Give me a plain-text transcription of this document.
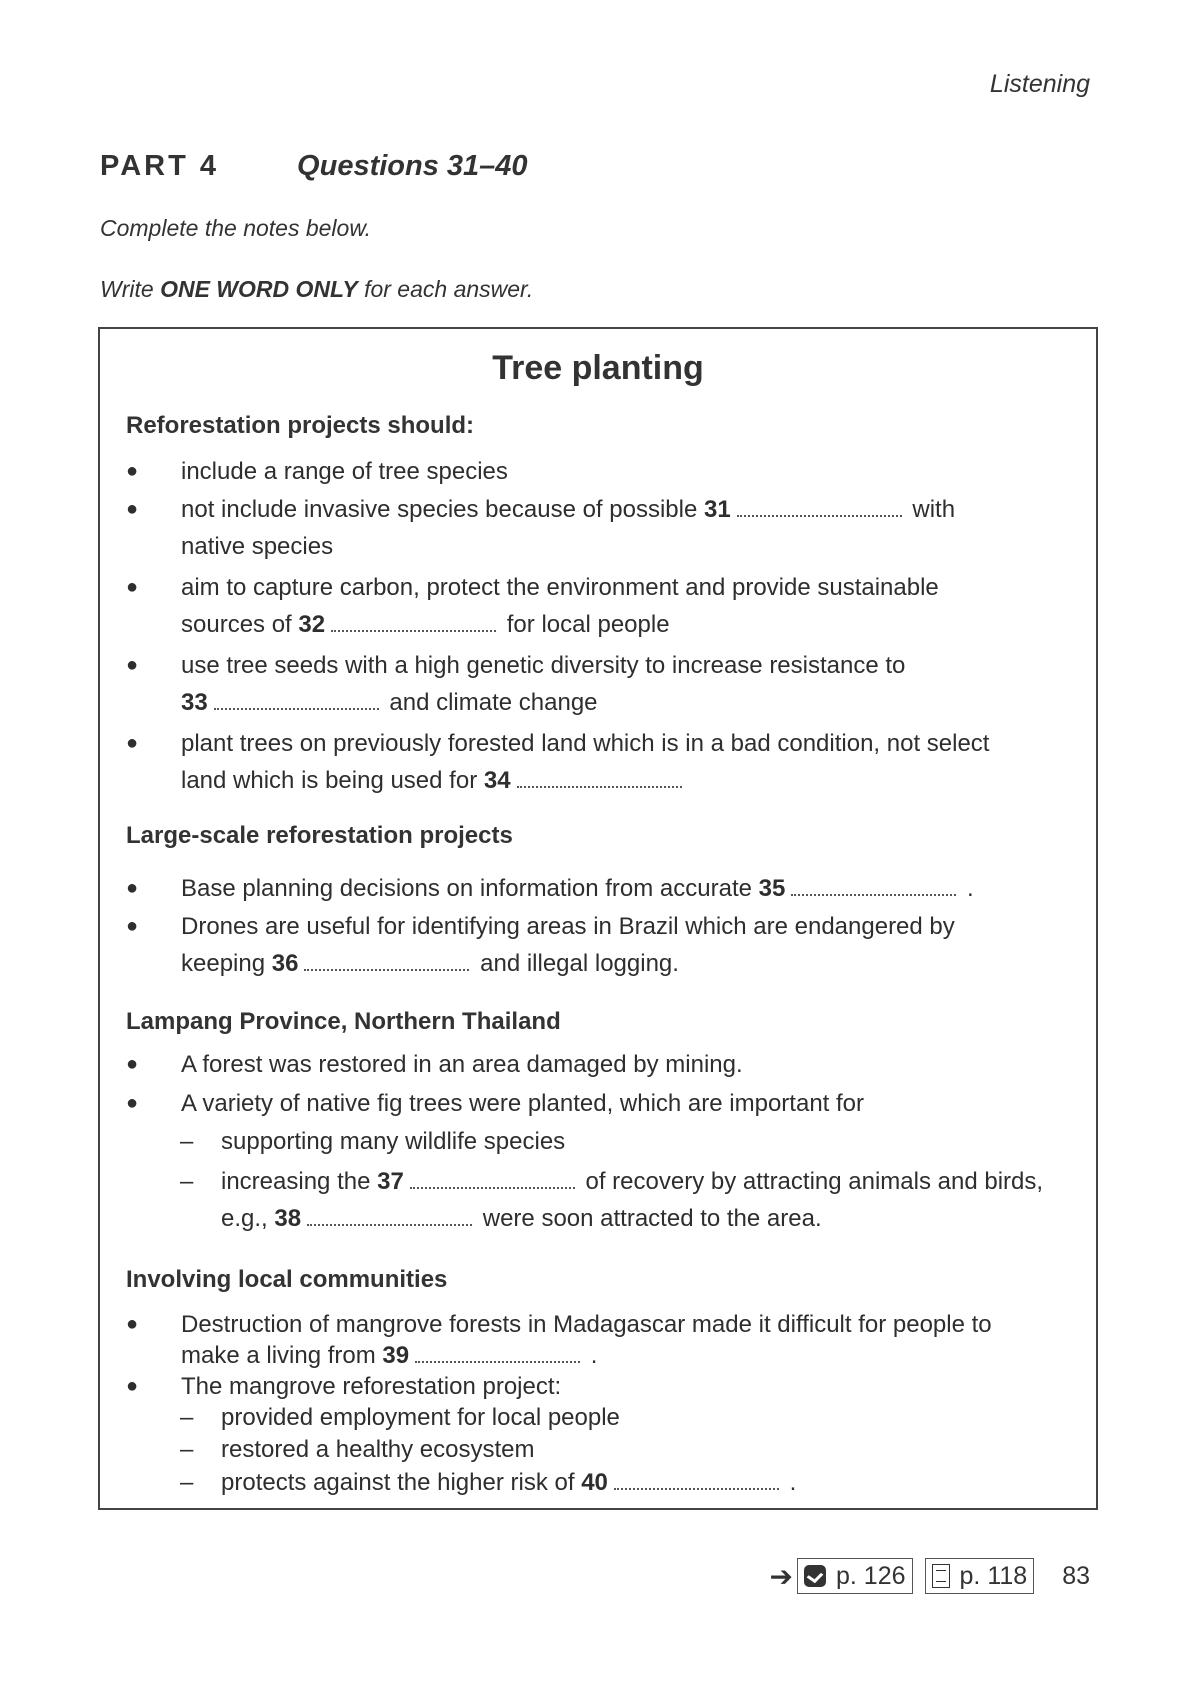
Listening
PART 4	Questions 31–40
Complete the notes below.
Write ONE WORD ONLY for each answer.
Tree planting
Reforestation projects should:
● include a range of tree species
● not include invasive species because of possible 31	with
native species
● aim to capture carbon, protect the environment and provide sustainable
sources of 32	for local people
● use tree seeds with a high genetic diversity to increase resistance to
33	and climate change
● plant trees on previously forested land which is in a bad condition, not select
land which is being used for 34
Large-scale reforestation projects
● Base planning decisions on information from accurate 35	.
● Drones are useful for identifying areas in Brazil which are endangered by
keeping 36	and illegal logging.
Lampang Province, Northern Thailand
● A forest was restored in an area damaged by mining.
● A variety of native fig trees were planted, which are important for
– supporting many wildlife species
– increasing the 37	of recovery by attracting animals and birds,
e.g., 38	were soon attracted to the area.
Involving local communities
● Destruction of mangrove forests in Madagascar made it difficult for people to
make a living from 39	.
● The mangrove reforestation project:
– provided employment for local people
– restored a healthy ecosystem
– protects against the higher risk of 40	.
➔ p. 126 p. 118 83
